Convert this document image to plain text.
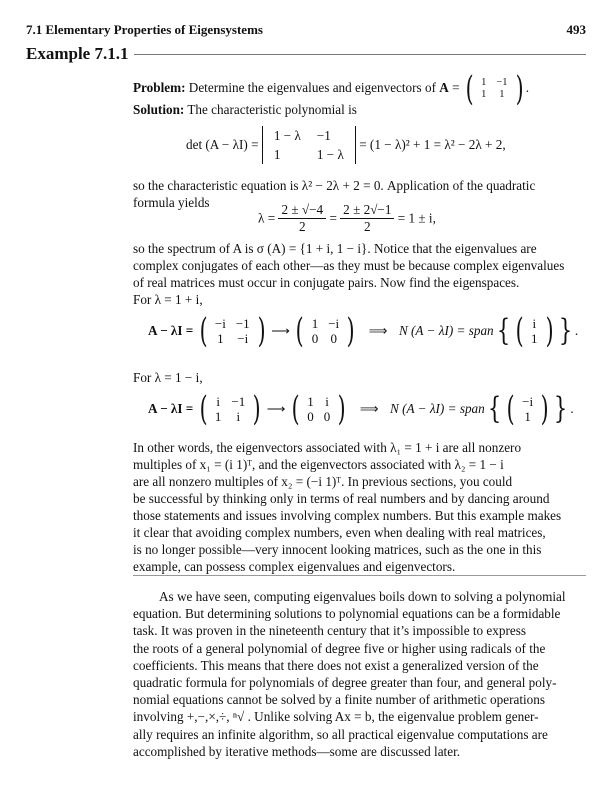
7.1 Elementary Properties of Eigensystems	493
Example 7.1.1
Problem: Determine the eigenvalues and eigenvectors of A = ( 1	−1
1	1 ) .
Solution: The characteristic polynomial is
det (A − λI) = 1 − λ	−1
1	1 − λ = (1 − λ)² + 1 = λ² − 2λ + 2,
so the characteristic equation is λ² − 2λ + 2 = 0. Application of the quadratic
formula yields
$\lambda = \frac{2 \pm √-4}{2} = \frac{2 \pm 2√-1}{2} = 1 \pm i$,
so the spectrum of A is σ (A) = {1 + i, 1 − i}. Notice that the eigenvalues are
complex conjugates of each other—as they must be because complex eigenvalues
of real matrices must occur in conjugate pairs. Now find the eigenspaces.
For λ = 1 + i,
A − λI = ( −i	−1
1	−i ) ⟶ ( 1	−i
0	0 ) ⟹ N (A − λI) = span{ ( i
1 ) } .
For λ = 1 − i,
A − λI = ( i	−1
1	i ) ⟶ ( 1	i
0	0 ) ⟹ N (A − λI) = span{ ( −i
1 ) } .
In other words, the eigenvectors associated with λ₁ = 1 + i are all nonzero
multiples of x₁ = (i 1)ᵀ, and the eigenvectors associated with λ₂ = 1 − i
are all nonzero multiples of x₂ = (−i 1)ᵀ. In previous sections, you could
be successful by thinking only in terms of real numbers and by dancing around
those statements and issues involving complex numbers. But this example makes
it clear that avoiding complex numbers, even when dealing with real matrices,
is no longer possible—very innocent looking matrices, such as the one in this
example, can possess complex eigenvalues and eigenvectors.
As we have seen, computing eigenvalues boils down to solving a polynomial
equation. But determining solutions to polynomial equations can be a formidable
task. It was proven in the nineteenth century that it’s impossible to express
the roots of a general polynomial of degree five or higher using radicals of the
coefficients. This means that there does not exist a generalized version of the
quadratic formula for polynomials of degree greater than four, and general poly-
nomial equations cannot be solved by a finite number of arithmetic operations
involving +,−,×,÷, ⁿ√ . Unlike solving Ax = b, the eigenvalue problem gener-
ally requires an infinite algorithm, so all practical eigenvalue computations are
accomplished by iterative methods—some are discussed later.
